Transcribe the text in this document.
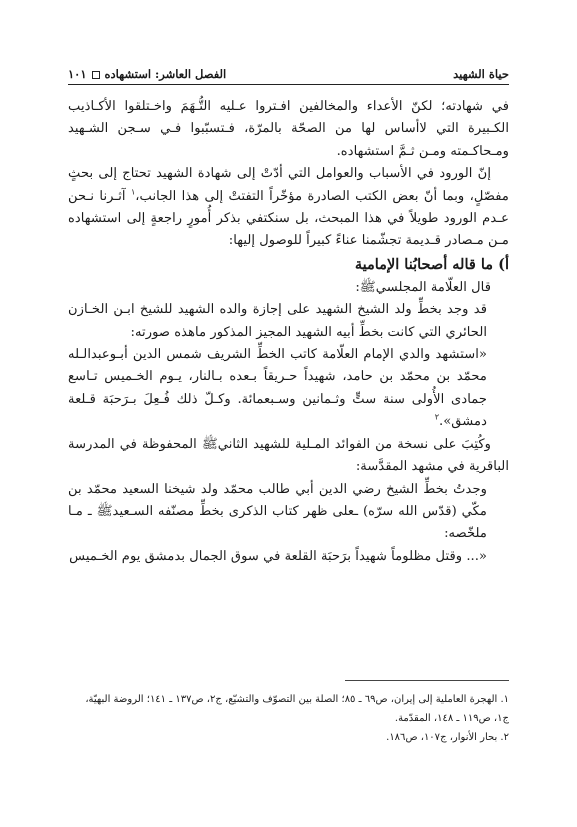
حياة الشهيد
الفصل العاشر: استشهاده١٠١

في شهادته؛ لكنّ الأعداء والمخالفين افـتروا عـليه التُّـهَمَ واخـتلقوا الأكـاذيب الكـبيرة التي لاأساس لها من الصحّة بالمرّة، فـتسبّبوا فـي سـجن الشـهيد ومـحاكـمته ومـن ثـمَّ استشهاده.

إنّ الورود في الأسباب والعوامل التي أدّتْ إلى شهادة الشهيد تحتاج إلى بحثٍ مفصّلٍ، وبما أنّ بعض الكتب الصادرة مؤخّراً التفتتْ إلى هذا الجانب،$^١$ آثـرنا نـحن عـدم الورود طويلاً في هذا المبحث، بل سنكتفي بذكر أُمورٍ راجعةٍ إلى استشهاده مـن مـصادر قـديمة تجشّمنا عناءً كبيراً للوصول إليها:

أ) ما قاله أصحابُنا الإمامية

قال العلّامة المجلسيﷺ:

قد وجد بخطِّ ولد الشيخ الشهيد على إجازة والده الشهيد للشيخ ابـن الخـازن الحائري التي كانت بخطِّ أبيه الشهيد المجيز المذكور ماهذه صورته:

«استشهد والدي الإمام العلّامة كاتب الخطِّ الشريف شمس الدين أبـوعبدالـله محمّد بن محمّد بن حامد، شهيداً حـريقاً بـعده بـالنار، يـوم الخـميس تـاسع جمادى الأُولى سنة ستٍّ وثـمانين وسـبعمائة. وكـلّ ذلك فُـعِلَ بـرَحبَة قـلعة دمشق».$^٢$

وكُتِبَ على نسخة من الفوائد المـلية للشهيد الثانيﷺ المحفوظة في المدرسة الباقرية في مشهد المقدَّسة:

وجدتُ بخطِّ الشيخ رضي الدين أبي طالب محمّد ولد شيخنا السعيد محمّد بن مكّي (قدّس الله سرّه) ـعلى ظهر كتاب الذكرى بخطِّ مصنّفه السـعيدﷺ ـ مـا ملخّصه:

«... وقتل مظلوماً شهيداً برَحبَة القلعة في سوق الجمال بدمشق يوم الخـميس

١. الهجرة العاملية إلى إيران، ص٦٩ ـ ٨٥؛ الصلة بين التصوّف والتشيّع، ج٢، ص١٣٧ ـ ١٤١؛ الروضة البهيّة، ج١، ص١١٩ ـ ١٤٨، المقدّمة.

٢. بحار الأنوار، ج١٠٧، ص١٨٦.
